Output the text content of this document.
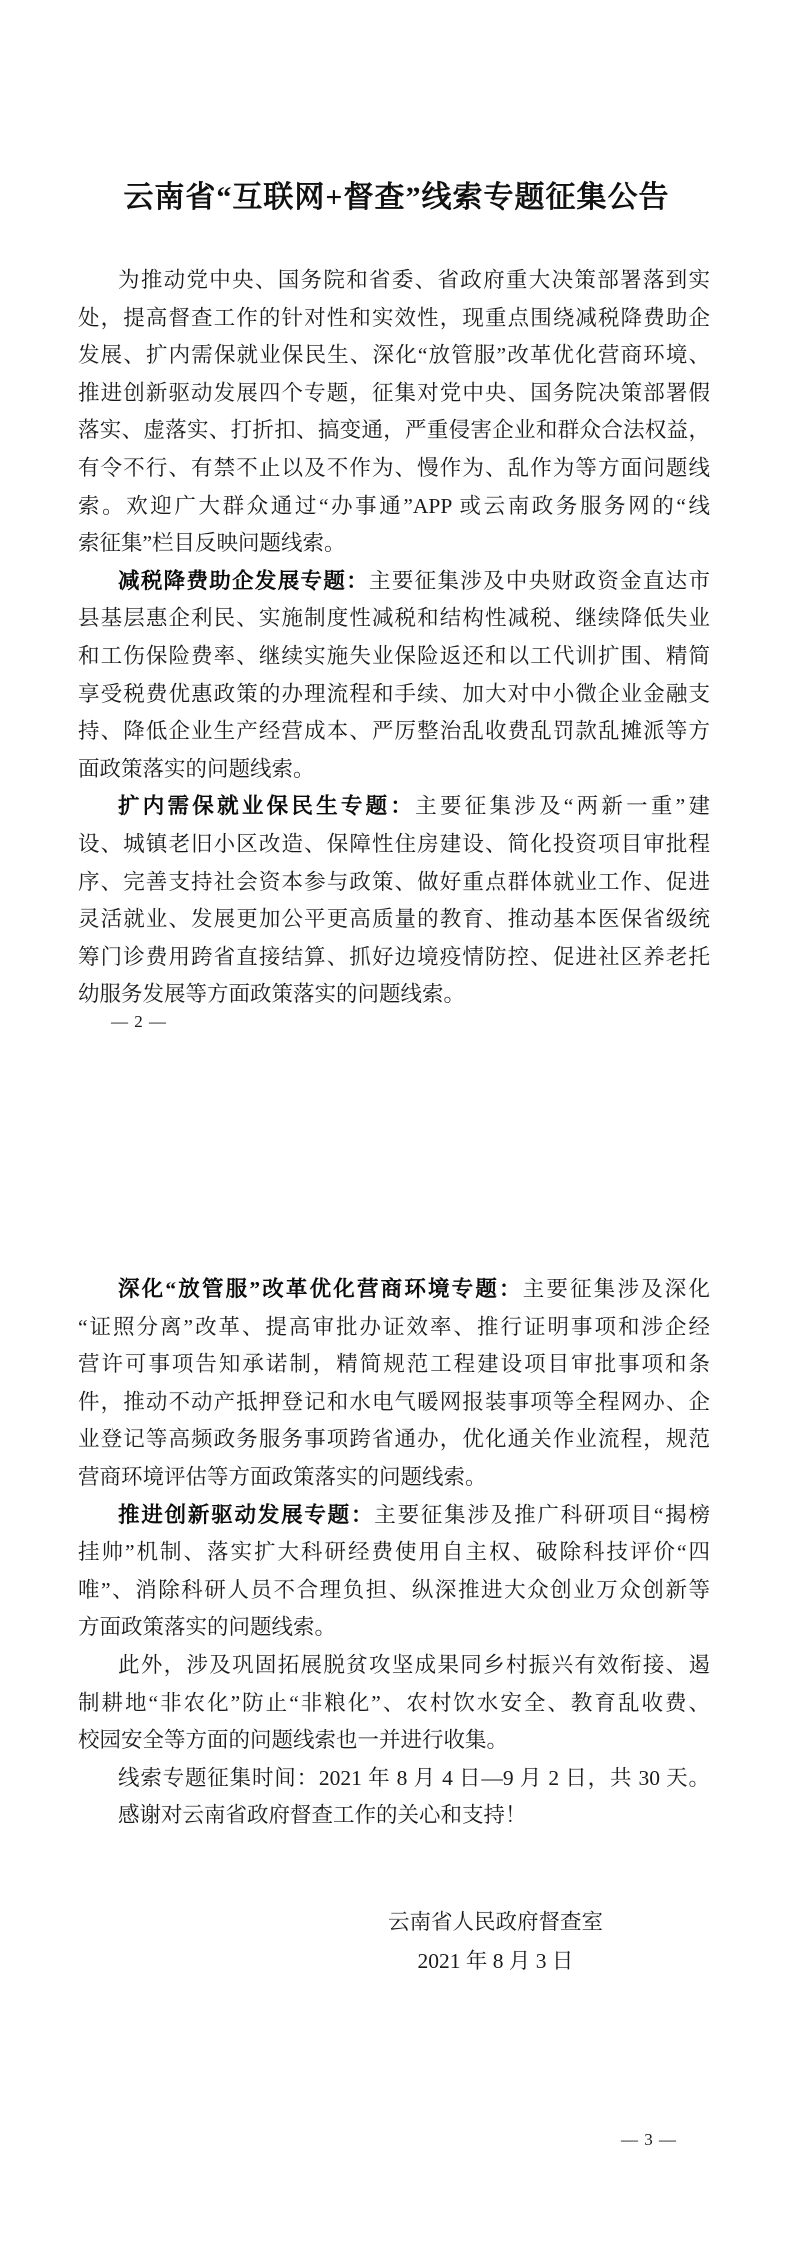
云南省“互联网+督查”线索专题征集公告
为推动党中央、国务院和省委、省政府重大决策部署落到实
处，提高督查工作的针对性和实效性，现重点围绕减税降费助企
发展、扩内需保就业保民生、深化“放管服”改革优化营商环境、
推进创新驱动发展四个专题，征集对党中央、国务院决策部署假
落实、虚落实、打折扣、搞变通，严重侵害企业和群众合法权益，
有令不行、有禁不止以及不作为、慢作为、乱作为等方面问题线
索。欢迎广大群众通过“办事通”APP 或云南政务服务网的“线
索征集”栏目反映问题线索。
减税降费助企发展专题：主要征集涉及中央财政资金直达市
县基层惠企利民、实施制度性减税和结构性减税、继续降低失业
和工伤保险费率、继续实施失业保险返还和以工代训扩围、精简
享受税费优惠政策的办理流程和手续、加大对中小微企业金融支
持、降低企业生产经营成本、严厉整治乱收费乱罚款乱摊派等方
面政策落实的问题线索。
扩内需保就业保民生专题：主要征集涉及“两新一重”建
设、城镇老旧小区改造、保障性住房建设、简化投资项目审批程
序、完善支持社会资本参与政策、做好重点群体就业工作、促进
灵活就业、发展更加公平更高质量的教育、推动基本医保省级统
筹门诊费用跨省直接结算、抓好边境疫情防控、促进社区养老托
幼服务发展等方面政策落实的问题线索。
— 2 —
深化“放管服”改革优化营商环境专题：主要征集涉及深化
“证照分离”改革、提高审批办证效率、推行证明事项和涉企经
营许可事项告知承诺制，精简规范工程建设项目审批事项和条
件，推动不动产抵押登记和水电气暖网报装事项等全程网办、企
业登记等高频政务服务事项跨省通办，优化通关作业流程，规范
营商环境评估等方面政策落实的问题线索。
推进创新驱动发展专题：主要征集涉及推广科研项目“揭榜
挂帅”机制、落实扩大科研经费使用自主权、破除科技评价“四
唯”、消除科研人员不合理负担、纵深推进大众创业万众创新等
方面政策落实的问题线索。
此外，涉及巩固拓展脱贫攻坚成果同乡村振兴有效衔接、遏
制耕地“非农化”防止“非粮化”、农村饮水安全、教育乱收费、
校园安全等方面的问题线索也一并进行收集。
线索专题征集时间：2021 年 8 月 4 日—9 月 2 日，共 30 天。
感谢对云南省政府督查工作的关心和支持！
云南省人民政府督查室
2021 年 8 月 3 日
— 3 —
